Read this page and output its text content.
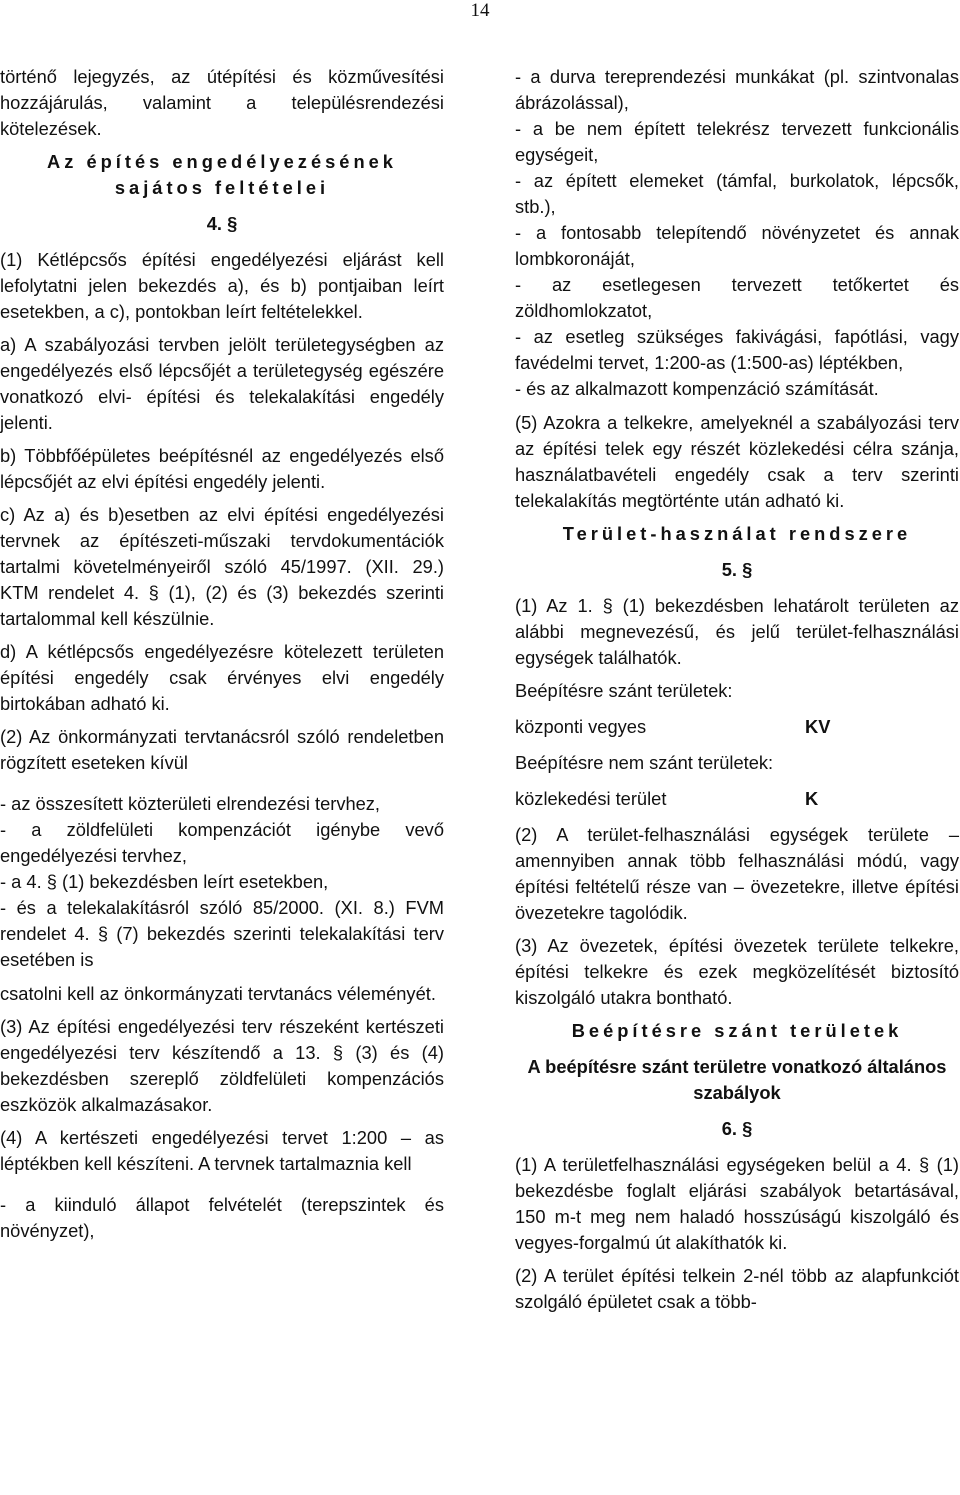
14

történő lejegyzés, az útépítési és közművesítési hozzájárulás, valamint a településrendezési kötelezések.

Az építés engedélyezésének sajátos feltételei

4. §

(1) Kétlépcsős építési engedélyezési eljárást kell lefolytatni jelen bekezdés a), és b) pontjaiban leírt esetekben, a c), pontokban leírt feltételekkel.

a) A szabályozási tervben jelölt területegységben az engedélyezés első lépcsőjét a területegység egészére vonatkozó elvi- építési és telekalakítási engedély jelenti.

b) Többfőépületes beépítésnél az engedélyezés első lépcsőjét az elvi építési engedély jelenti.

c) Az a) és b)esetben az elvi építési engedélyezési tervnek az építészeti-műszaki tervdokumentációk tartalmi követelményeiről szóló 45/1997. (XII. 29.) KTM rendelet 4. § (1), (2) és (3) bekezdés szerinti tartalommal kell készülnie.

d) A kétlépcsős engedélyezésre kötelezett területen építési engedély csak érvényes elvi engedély birtokában adható ki.

(2) Az önkormányzati tervtanácsról szóló rendeletben rögzített eseteken kívül

- az összesített közterületi elrendezési tervhez,

- a zöldfelületi kompenzációt igénybe vevő engedélyezési tervhez,

- a 4. § (1) bekezdésben leírt esetekben,

- és a telekalakításról szóló 85/2000. (XI. 8.) FVM rendelet 4. § (7) bekezdés szerinti telekalakítási terv esetében is

csatolni kell az önkormányzati tervtanács véleményét.

(3) Az építési engedélyezési terv részeként kertészeti engedélyezési terv készítendő a 13. § (3) és (4) bekezdésben szereplő zöldfelületi kompenzációs eszközök alkalmazásakor.

(4) A kertészeti engedélyezési tervet 1:200 – as léptékben kell készíteni. A tervnek tartalmaznia kell

- a kiinduló állapot felvételét (terepszintek és növényzet),

- a durva tereprendezési munkákat (pl. szintvonalas ábrázolással),

- a be nem épített telekrész tervezett funkcionális egységeit,

- az épített elemeket (támfal, burkolatok, lépcsők, stb.),

- a fontosabb telepítendő növényzetet és annak lombkoronáját,

- az esetlegesen tervezett tetőkertet és zöldhomlokzatot,

- az esetleg szükséges fakivágási, fapótlási, vagy favédelmi tervet, 1:200-as (1:500-as) léptékben,

- és az alkalmazott kompenzáció számítását.

(5) Azokra a telkekre, amelyeknél a szabályozási terv az építési telek egy részét közlekedési célra szánja, használatbavételi engedély csak a terv szerinti telekalakítás megtörténte után adható ki.

Terület-használat rendszere

5. §

(1) Az 1. § (1) bekezdésben lehatárolt területen az alábbi megnevezésű, és jelű terület-felhasználási egységek találhatók.

Beépítésre szánt területek:

központi vegyes	KV

Beépítésre nem szánt területek:

közlekedési terület	K

(2) A terület-felhasználási egységek területe – amennyiben annak több felhasználási módú, vagy építési feltételű része van – övezetekre, illetve építési övezetekre tagolódik.

(3) Az övezetek, építési övezetek területe telkekre, építési telkekre és ezek megközelítését biztosító kiszolgáló utakra bontható.

Beépítésre szánt területek

A beépítésre szánt területre vonatkozó általános szabályok

6. §

(1) A területfelhasználási egységeken belül a 4. § (1) bekezdésbe foglalt eljárási szabályok betartásával, 150 m-t meg nem haladó hosszúságú kiszolgáló és vegyes-forgalmú út alakíthatók ki.

(2) A terület építési telkein 2-nél több az alapfunkciót szolgáló épületet csak a több-
